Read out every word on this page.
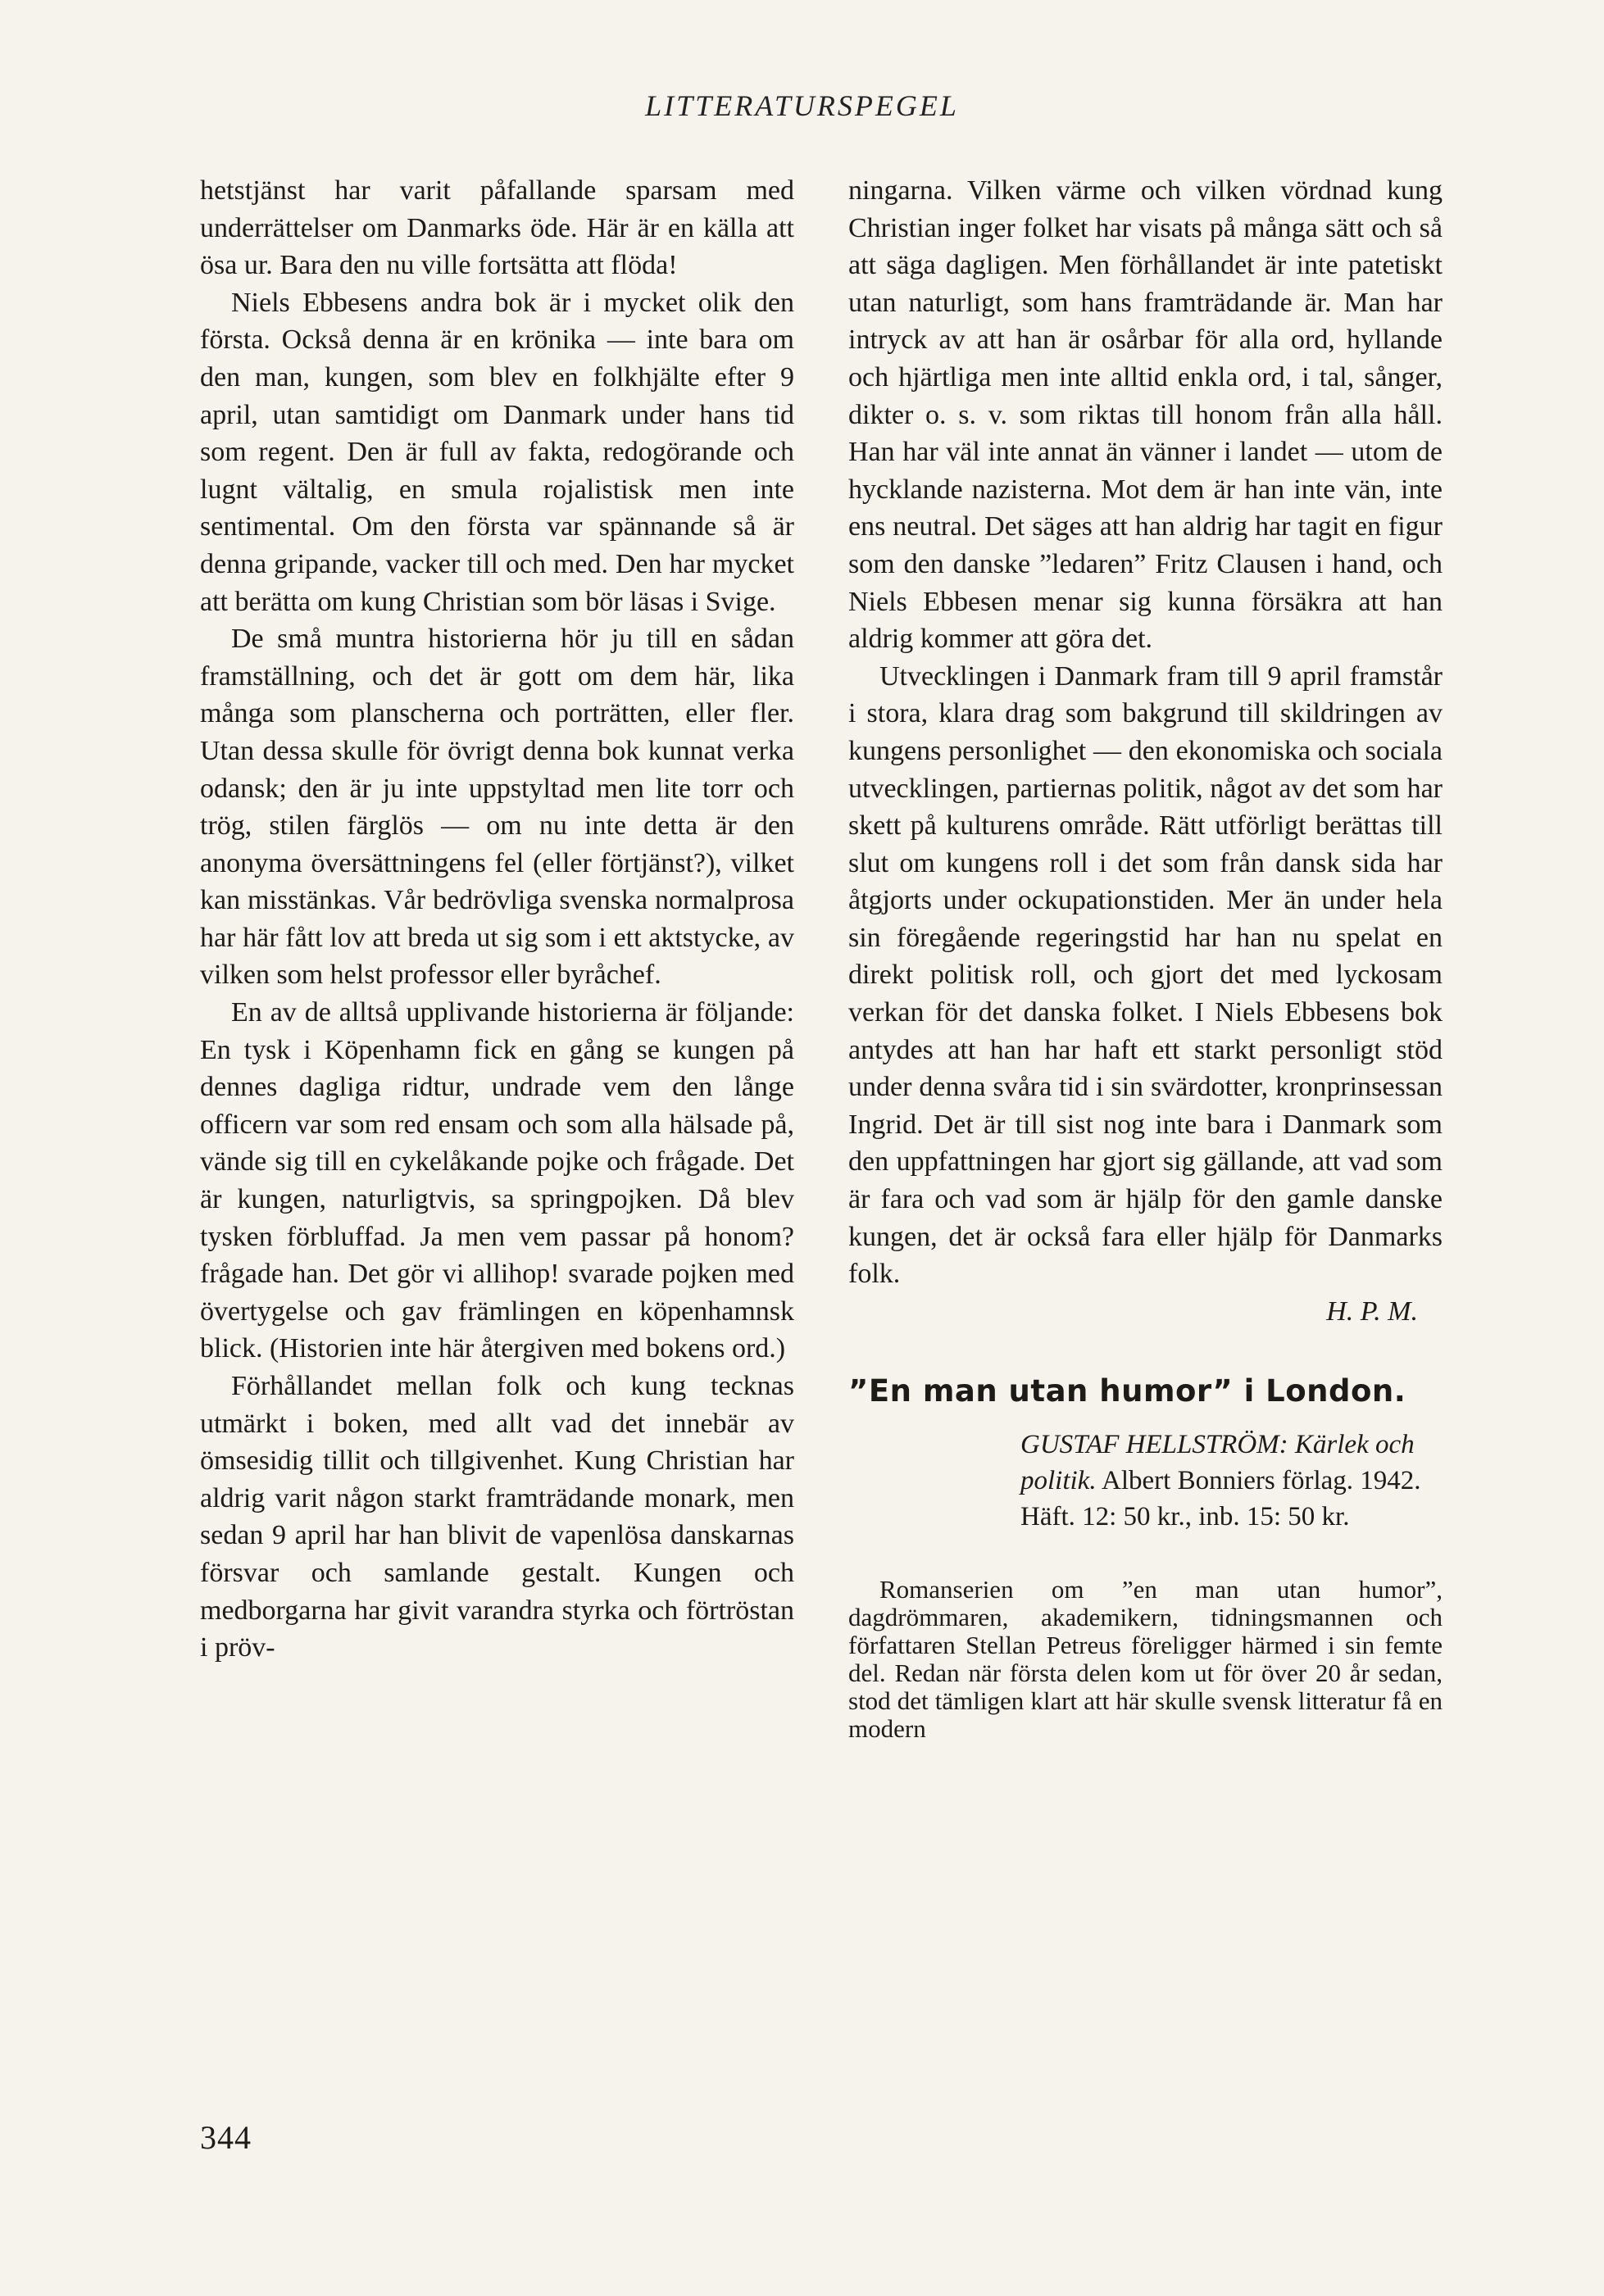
LITTERATURSPEGEL

hetstjänst har varit påfallande sparsam med underrättelser om Danmarks öde. Här är en källa att ösa ur. Bara den nu ville fortsätta att flöda!

Niels Ebbesens andra bok är i mycket olik den första. Också denna är en krönika — inte bara om den man, kungen, som blev en folkhjälte efter 9 april, utan samtidigt om Danmark under hans tid som regent. Den är full av fakta, redogörande och lugnt vältalig, en smula rojalistisk men inte sentimental. Om den första var spännande så är denna gripande, vacker till och med. Den har mycket att berätta om kung Christian som bör läsas i Svige.

De små muntra historierna hör ju till en sådan framställning, och det är gott om dem här, lika många som planscherna och porträtten, eller fler. Utan dessa skulle för övrigt denna bok kunnat verka odansk; den är ju inte uppstyltad men lite torr och trög, stilen färglös — om nu inte detta är den anonyma översättningens fel (eller förtjänst?), vilket kan misstänkas. Vår bedrövliga svenska normalprosa har här fått lov att breda ut sig som i ett aktstycke, av vilken som helst professor eller byråchef.

En av de alltså upplivande historierna är följande: En tysk i Köpenhamn fick en gång se kungen på dennes dagliga ridtur, undrade vem den långe officern var som red ensam och som alla hälsade på, vände sig till en cykelåkande pojke och frågade. Det är kungen, naturligtvis, sa springpojken. Då blev tysken förbluffad. Ja men vem passar på honom? frågade han. Det gör vi allihop! svarade pojken med övertygelse och gav främlingen en köpenhamnsk blick. (Historien inte här återgiven med bokens ord.)

Förhållandet mellan folk och kung tecknas utmärkt i boken, med allt vad det innebär av ömsesidig tillit och tillgivenhet. Kung Christian har aldrig varit någon starkt framträdande monark, men sedan 9 april har han blivit de vapenlösa danskarnas försvar och samlande gestalt. Kungen och medborgarna har givit varandra styrka och förtröstan i pröv-

ningarna. Vilken värme och vilken vördnad kung Christian inger folket har visats på många sätt och så att säga dagligen. Men förhållandet är inte patetiskt utan naturligt, som hans framträdande är. Man har intryck av att han är osårbar för alla ord, hyllande och hjärtliga men inte alltid enkla ord, i tal, sånger, dikter o. s. v. som riktas till honom från alla håll. Han har väl inte annat än vänner i landet — utom de hycklande nazisterna. Mot dem är han inte vän, inte ens neutral. Det säges att han aldrig har tagit en figur som den danske ”ledaren” Fritz Clausen i hand, och Niels Ebbesen menar sig kunna försäkra att han aldrig kommer att göra det.

Utvecklingen i Danmark fram till 9 april framstår i stora, klara drag som bakgrund till skildringen av kungens personlighet — den ekonomiska och sociala utvecklingen, partiernas politik, något av det som har skett på kulturens område. Rätt utförligt berättas till slut om kungens roll i det som från dansk sida har åtgjorts under ockupationstiden. Mer än under hela sin föregående regeringstid har han nu spelat en direkt politisk roll, och gjort det med lyckosam verkan för det danska folket. I Niels Ebbesens bok antydes att han har haft ett starkt personligt stöd under denna svåra tid i sin svärdotter, kronprinsessan Ingrid. Det är till sist nog inte bara i Danmark som den uppfattningen har gjort sig gällande, att vad som är fara och vad som är hjälp för den gamle danske kungen, det är också fara eller hjälp för Danmarks folk.

H. P. M.

”En man utan humor” i London.
GUSTAF HELLSTRÖM: Kärlek och politik. Albert Bonniers förlag. 1942. Häft. 12: 50 kr., inb. 15: 50 kr.

Romanserien om ”en man utan humor”, dagdrömmaren, akademikern, tidningsmannen och författaren Stellan Petreus föreligger härmed i sin femte del. Redan när första delen kom ut för över 20 år sedan, stod det tämligen klart att här skulle svensk litteratur få en modern

344
